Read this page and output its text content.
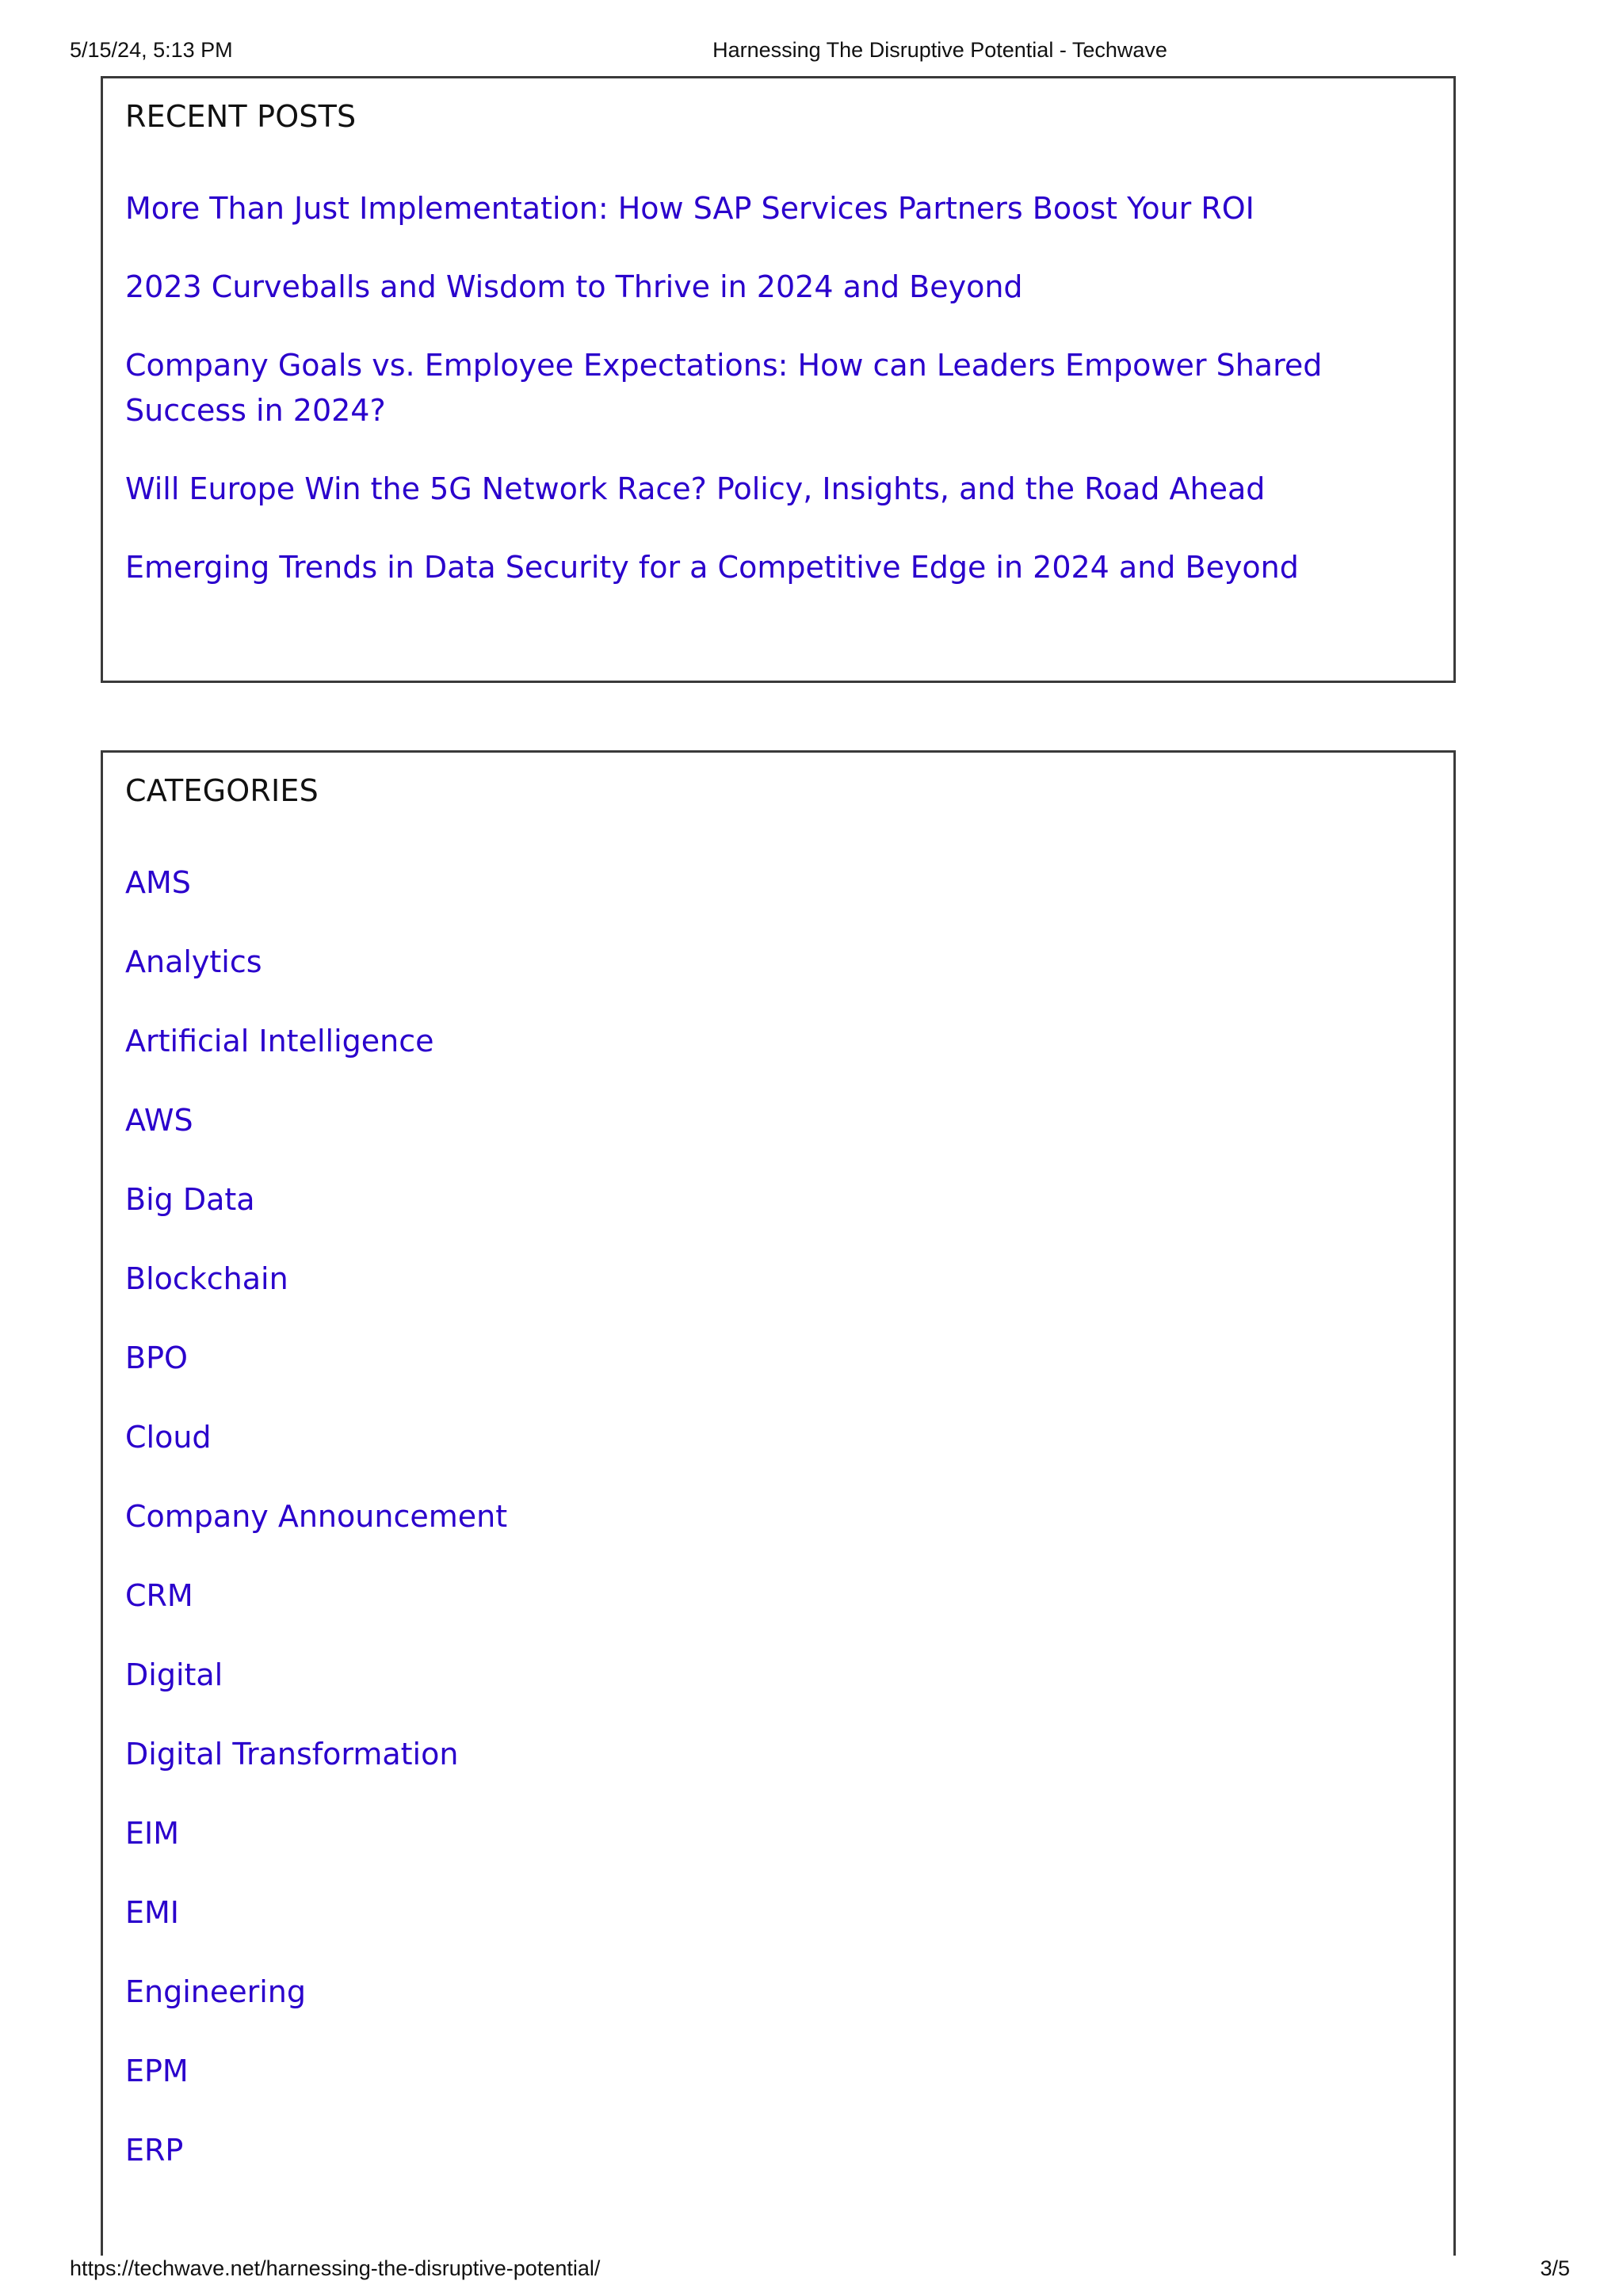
5/15/24, 5:13 PM	Harnessing The Disruptive Potential - Techwave
RECENT POSTS
More Than Just Implementation: How SAP Services Partners Boost Your ROI
2023 Curveballs and Wisdom to Thrive in 2024 and Beyond
Company Goals vs. Employee Expectations: How can Leaders Empower Shared Success in 2024?
Will Europe Win the 5G Network Race? Policy, Insights, and the Road Ahead
Emerging Trends in Data Security for a Competitive Edge in 2024 and Beyond
CATEGORIES
AMS
Analytics
Artificial Intelligence
AWS
Big Data
Blockchain
BPO
Cloud
Company Announcement
CRM
Digital
Digital Transformation
EIM
EMI
Engineering
EPM
ERP
https://techwave.net/harnessing-the-disruptive-potential/	3/5
